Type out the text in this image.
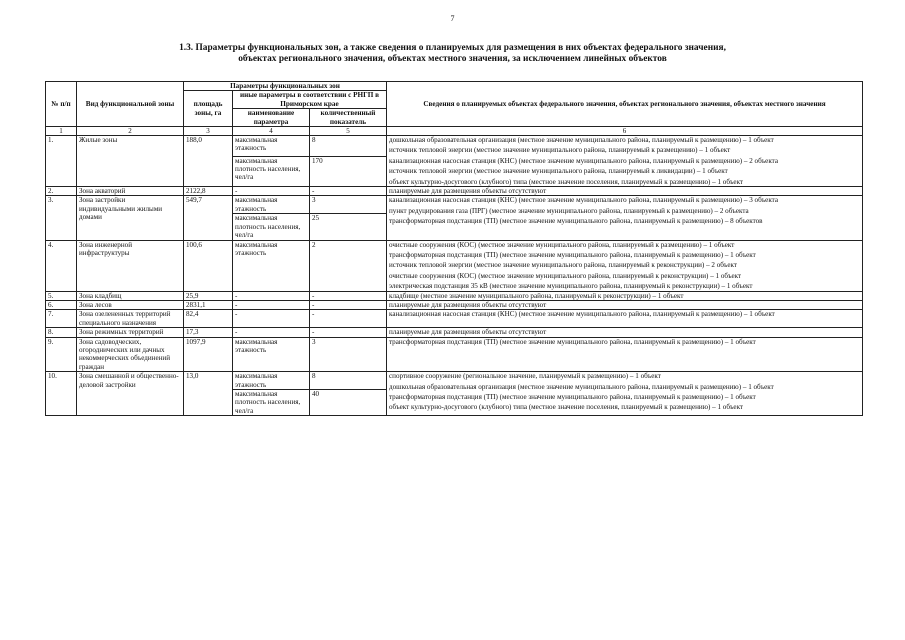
7
1.3. Параметры функциональных зон, а также сведения о планируемых для размещения в них объектах федерального значения,
объектах регионального значения, объектах местного значения, за исключением линейных объектов
№ п/п	Вид функциональной зоны	Параметры функциональных зон			Сведения о планируемых объектах федерального значения, объектах регионального значения, объектах местного значения
		площадь зоны, га	иные параметры в соответствии с РНГП в Приморском крае		
			наименование параметра	количественный показатель	
1	2	3	4	5	6
1.	Жилые зоны	188,0	максимальная этажность	8	дошкольная образовательная организация (местное значение муниципального района, планируемый к размещению) – 1 объект
источник тепловой энергии (местное значение муниципального района, планируемый к размещению) – 1 объект
канализационная насосная станция (КНС) (местное значение муниципального района, планируемый к размещению) – 2 объекта
источник тепловой энергии (местное значение муниципального района, планируемый к ликвидации) – 1 объект
объект культурно-досугового (клубного) типа (местное значение поселения, планируемый к размещению) – 1 объект

			максимальная плотность населения, чел/га	170	
2.	Зона акваторий	2122,8	-	-	планируемые для размещения объекты отсутствуют

3.	Зона застройки индивидуальными жилыми домами	549,7	максимальная этажность	3	канализационная насосная станция (КНС) (местное значение муниципального района, планируемый к размещению) – 3 объекта
пункт редуцирования газа (ПРГ) (местное значение муниципального района, планируемый к размещению) – 2 объекта
трансформаторная подстанция (ТП) (местное значение муниципального района, планируемый к размещению) – 8 объектов

			максимальная плотность населения, чел/га	25	
4.	Зона инженерной инфраструктуры	100,6	максимальная этажность	2	очистные сооружения (КОС) (местное значение муниципального района, планируемый к размещению) – 1 объект
трансформаторная подстанция (ТП) (местное значение муниципального района, планируемый к размещению) – 1 объект
источник тепловой энергии (местное значение муниципального района, планируемый к реконструкции) – 2 объект
очистные сооружения (КОС) (местное значение муниципального района, планируемый к реконструкции) – 1 объект
электрическая подстанция 35 кВ (местное значение муниципального района, планируемый к реконструкции) – 1 объект

5.	Зона кладбищ	25,9	-	-	кладбище (местное значение муниципального района, планируемый к реконструкции) – 1 объект

6.	Зона лесов	2831,1	-	-	планируемые для размещения объекты отсутствуют

7.	Зона озелененных территорий специального назначения	82,4	-	-	канализационная насосная станция (КНС) (местное значение муниципального района, планируемый к размещению) – 1 объект

8.	Зона режимных территорий	17,3	-	-	планируемые для размещения объекты отсутствуют

9.	Зона садоводческих, огороднических или дачных некоммерческих объединений граждан	1097,9	максимальная этажность	3	трансформаторная подстанция (ТП) (местное значение муниципального района, планируемый к размещению) – 1 объект

10.	Зона смешанной и общественно-деловой застройки	13,0	максимальная этажность	8	спортивное сооружение (региональное значение, планируемый к размещению) – 1 объект
дошкольная образовательная организация (местное значение муниципального района, планируемый к размещению) – 1 объект
трансформаторная подстанция (ТП) (местное значение муниципального района, планируемый к размещению) – 1 объект
объект культурно-досугового (клубного) типа (местное значение поселения, планируемый к размещению) – 1 объект

			максимальная плотность населения, чел/га	40	
